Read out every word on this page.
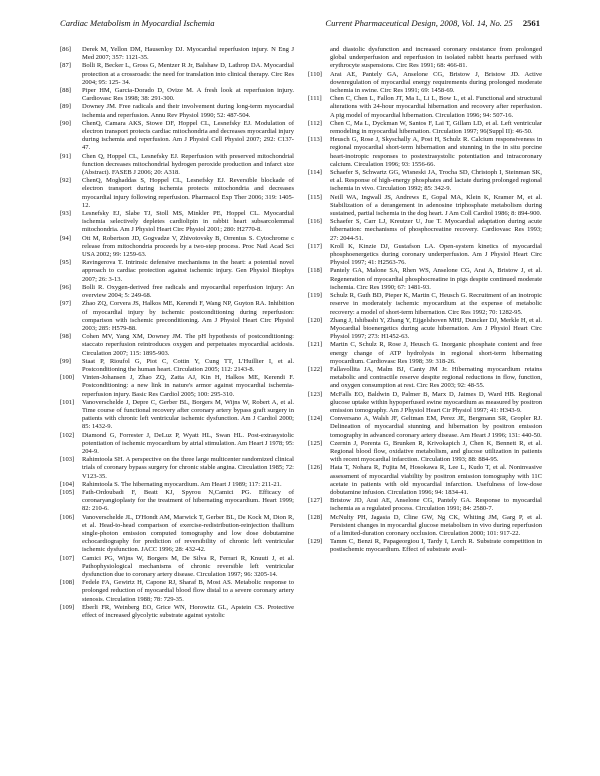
Cardiac Metabolism in Myocardial Ischemia	Current Pharmaceutical Design, 2008, Vol. 14, No. 25 2561
[86]	Derek M, Yellon DM, Hausenloy DJ. Myocardial reperfusion injury. N Eng J Med 2007; 357: 1121-35.
[87]	Bolli R, Becker L, Gross G, Mentzer R Jr, Balshaw D, Lathrop DA. Myocardial protection at a crossroads: the need for translation into clinical therapy. Circ Res 2004; 95: 125- 34.
[88]	Piper HM, Garcia-Dorado D, Ovize M. A fresh look at reperfusion injury. Cardiovasc Res 1998; 38: 291-300.
[89]	Downey JM. Free radicals and their involvement during long-term myocardial ischemia and reperfusion. Annu Rev Physiol 1990; 52: 487-504.
[90]	ChenQ, Camara AKS, Stowe DF, Hoppel CL, Lesnefsky EJ. Modulation of electron transport protects cardiac mitochondria and decreases myocardial injury during ischemia and reperfusion. Am J Physiol Cell Physiol 2007; 292: C137-47.
[91]	Chen Q, Hoppel CL, Lesnefsky EJ. Reperfusion with preserved mitochondrial function decreases mitochondrial hydrogen peroxide production and infarct size (Abstract). FASEB J 2006; 20: A318.
[92]	ChenQ, Moghaddas S, Hoppel CL, Lesnefsky EJ. Reversible blockade of electron transport during ischemia protects mitochondria and decreases myocardial injury following reperfusion. Pharmacol Exp Ther 2006; 319: 1405-12.
[93]	Lesnefsky EJ, Slabe TJ, Stoll MS, Minkler PE, Hoppel CL. Myocardial ischemia selectively depletes cardiolipin in rabbit heart subsarcolemmal mitochondria. Am J Physiol Heart Circ Physiol 2001; 280: H2770-8.
[94]	Ott M, Robertson JD, Gogvadze V, Zhivotovsky B, Orrenius S. Cytochrome c release from mitochondria proceeds by a two-step process. Proc Natl Acad Sci USA 2002; 99: 1259-63.
[95]	Ravingerova T. Intrinsic defensive mechanisms in the heart: a potential novel approach to cardiac protection against ischemic injury. Gen Physiol Biophys 2007; 26: 3-13.
[96]	Bolli R. Oxygen-derived free radicals and myocardial reperfusion injury: An overview 2004; 5: 249-68.
[97]	Zhao ZQ, Corvera JS, Halkos ME, Kerendi F, Wang NP, Guyton RA. Inhibition of myocardial injury by ischemic postconditioning during reperfusion: comparison with ischemic preconditioning. Am J Physiol Heart Circ Physiol 2003; 285: H579-88.
[98]	Cohen MV, Yang XM, Downey JM. The pH hypothesis of postconditioning: staccato reperfusion reintroduces oxygen and perpetuates myocardial acidosis. Circulation 2007; 115: 1895-903.
[99]	Staat P, Rioufol G, Piot C, Cottin Y, Cung TT, L'Huillier I, et al. Postconditioning the human heart. Circulation 2005; 112: 2143-8.
[100]	Vinten-Johansen J, Zhao ZQ, Zatta AJ, Kin H, Halkos ME, Kerendi F. Postconditioning: a new link in nature's armor against myocardial ischemia-reperfusion injury. Basic Res Cardiol 2005; 100: 295-310.
[101]	Vanoverschelde J, Depre C, Gerber BL, Borgers M, Wijns W, Robert A, et al. Time course of functional recovery after coronary artery bypass graft surgery in patients with chronic left ventricular ischemic dysfunction. Am J Cardiol 2000; 85: 1432-9.
[102]	Diamond G, Forrester J, DeLuz P, Wyatt HL, Swan HL. Post-extrasystolic potentiation of ischemic myocardium by atrial stimulation. Am Heart J 1978; 95: 204-9.
[103]	Rahimtoola SH. A perspective on the three large multicenter randomized clinical trials of coronary bypass surgery for chronic stable angina. Circulation 1985; 72: V123-35.
[104]	Rahimtoola S. The hibernating myocardium. Am Heart J 1989; 117: 211-21.
[105]	Fath-Ordoubadi F, Beatt KJ, Spyrou N,Camici PG. Efficacy of coronaryangioplasty for the treatment of hibernating myocardium. Heart 1999; 82: 210-6.
[106]	Vanoverschelde JL, D'Hondt AM, Marwick T, Gerber BL, De Kock M, Dion R, et al. Head-to-head comparison of exercise-redistribution-reinjection thallium single-photon emission computed tomography and low dose dobutamine echocardiography for prediction of reversibility of chronic left ventricular ischemic dysfunction. JACC 1996; 28: 432-42.
[107]	Camici PG, Wijns W, Borgers M, De Silva R, Ferrari R, Knuuti J, et al. Pathophysiological mechanisms of chronic reversible left ventricular dysfunction due to coronary artery disease. Circulation 1997; 96: 3205-14.
[108]	Fedele FA, Gewirtz H, Capone RJ, Sharaf B, Most AS. Metabolic response to prolonged reduction of myocardial blood flow distal to a severe coronary artery stenosis. Circulation 1988; 78: 729-35.
[109]	Eberli FR, Weinberg EO, Grice WN, Horowitz GL, Apstein CS. Protective effect of increased glycolytic substrate against systolic
and diastolic dysfunction and increased coronary resistance from prolonged global underperfusion and reperfusion in isolated rabbit hearts perfused with erythrocyte suspensions. Circ Res 1991; 68: 466-81.
[110]	Arai AE, Pantely GA, Anselone CG, Bristow J, Bristow JD. Active downregulation of myocardial energy requirements during prolonged moderate ischemia in swine. Circ Res 1991; 69: 1458-69.
[111]	Chen C, Chen L, Fallon JT, Ma L, Li L, Bow L, et al. Functional and structural alterations with 24-hour myocardial hibernation and recovery after reperfusion. A pig model of myocardial hibernation. Circulation 1996; 94: 507-16.
[112]	Chen C, Ma L, Dyckman W, Santos F, Lai T, Gillam LD, et al. Left ventricular remodeling in myocardial hibernation. Circulation 1997; 96(Suppl II): 46-50.
[113]	Heusch G, Rose J, Skyschally A, Post H, Schulz R. Calcium responsiveness in regional myocardial short-term hibernation and stunning in the in situ porcine heart-inotropic responses to postextrasystolic potentiation and intracoronary calcium. Circulation 1996; 93: 1556-66.
[114]	Schaefer S, Schwartz GG, Wisneski JA, Trocha SD, Christoph I, Steinman SK, et al. Response of high-energy phosphates and lactate during prolonged regional ischemia in vivo. Circulation 1992; 85: 342-9.
[115]	Neill WA, Ingwall JS, Andrews E, Gopal MA, Klein K, Kramer M, et al. Stabilization of a derangement in adenosine triphosphate metabolism during sustained, partial ischemia in the dog heart. J Am Coll Cardiol 1986; 8: 894-900.
[116]	Schaefer S, Carr LJ, Kreutzer U, Jue T. Myocardial adaptation during acute hibernation: mechanisms of phosphocreatine recovery. Cardiovasc Res 1993; 27: 2044-51.
[117]	Kroll K, Kinzie DJ, Gustafson LA. Open-system kinetics of myocardial phosphoenergetics during coronary underperfusion. Am J Physiol Heart Circ Physiol 1997; 41: H2563-76.
[118]	Pantely GA, Malone SA, Rhen WS, Anselone CG, Arai A, Bristow J, et al. Regeneration of myocardial phosphocreatine in pigs despite continued moderate ischemia. Circ Res 1990; 67: 1481-93.
[119]	Schulz R, Guth BD, Pieper K, Martin C, Heusch G. Recruitment of an inotropic reserve in moderately ischemic myocardium at the expense of metabolic recovery: a model of short-term hibernation. Circ Res 1992; 70: 1282-95.
[120]	Zhang J, Ishibashi Y, Zhang Y, Eijgelshoven MHJ, Duncker DJ, Merkle H, et al. Myocardial bioenergetics during acute hibernation. Am J Physiol Heart Circ Physiol 1997; 273: H1452-63.
[121]	Martin C, Schulz R, Rose J, Heusch G. Inorganic phosphate content and free energy change of ATP hydrolysis in regional short-term hibernating myocardium. Cardiovasc Res 1998; 39: 318-26.
[122]	Fallavollita JA, Malm BJ, Canty JM Jr. Hibernating myocardium retains metabolic and contractile reserve despite regional reductions in flow, function, and oxygen consumption at rest. Circ Res 2003; 92: 48-55.
[123]	McFalls EO, Baldwin D, Palmer B, Marx D, Jaimes D, Ward HB. Regional glucose uptake within hypoperfused swine myocardium as measured by positron emission tomography. Am J Physiol Heart Cir Physiol 1997; 41: H343-9.
[124]	Conversano A, Walsh JF, Geltman EM, Perez JE, Bergmann SR, Gropler RJ. Delineation of myocardial stunning and hibernation by positron emission tomography in advanced coronary artery disease. Am Heart J 1996; 131: 440-50.
[125]	Czernin J, Porenta G, Brunken R, Krivokapich J, Chen K, Bennett R, et al. Regional blood flow, oxidative metabolism, and glucose utilization in patients with recent myocardial infarction. Circulation 1993; 88: 884-95.
[126]	Hata T, Nohara R, Fujita M, Hosokawa R, Lee L, Kudo T, et al. Noninvasive assessment of myocardial viability by positron emission tomography with 11C acetate in patients with old myocardial infarction. Usefulness of low-dose dobutamine infusion. Circulation 1996; 94: 1834-41.
[127]	Bristow JD, Arai AE, Anselone CG, Pantely GA. Response to myocardial ischemia as a regulated process. Circulation 1991; 84: 2580-7.
[128]	McNulty PH, Jagasia D, Cline GW, Ng CK, Whiting JM, Garg P, et al. Persistent changes in myocardial glucose metabolism in vivo during reperfusion of a limited-duration coronary occlusion. Circulation 2000; 101: 917-22.
[129]	Tamm C, Benzi R, Papageorgiou I, Tardy I, Lerch R. Substrate competition in postischemic myocardium. Effect of substrate avail-
